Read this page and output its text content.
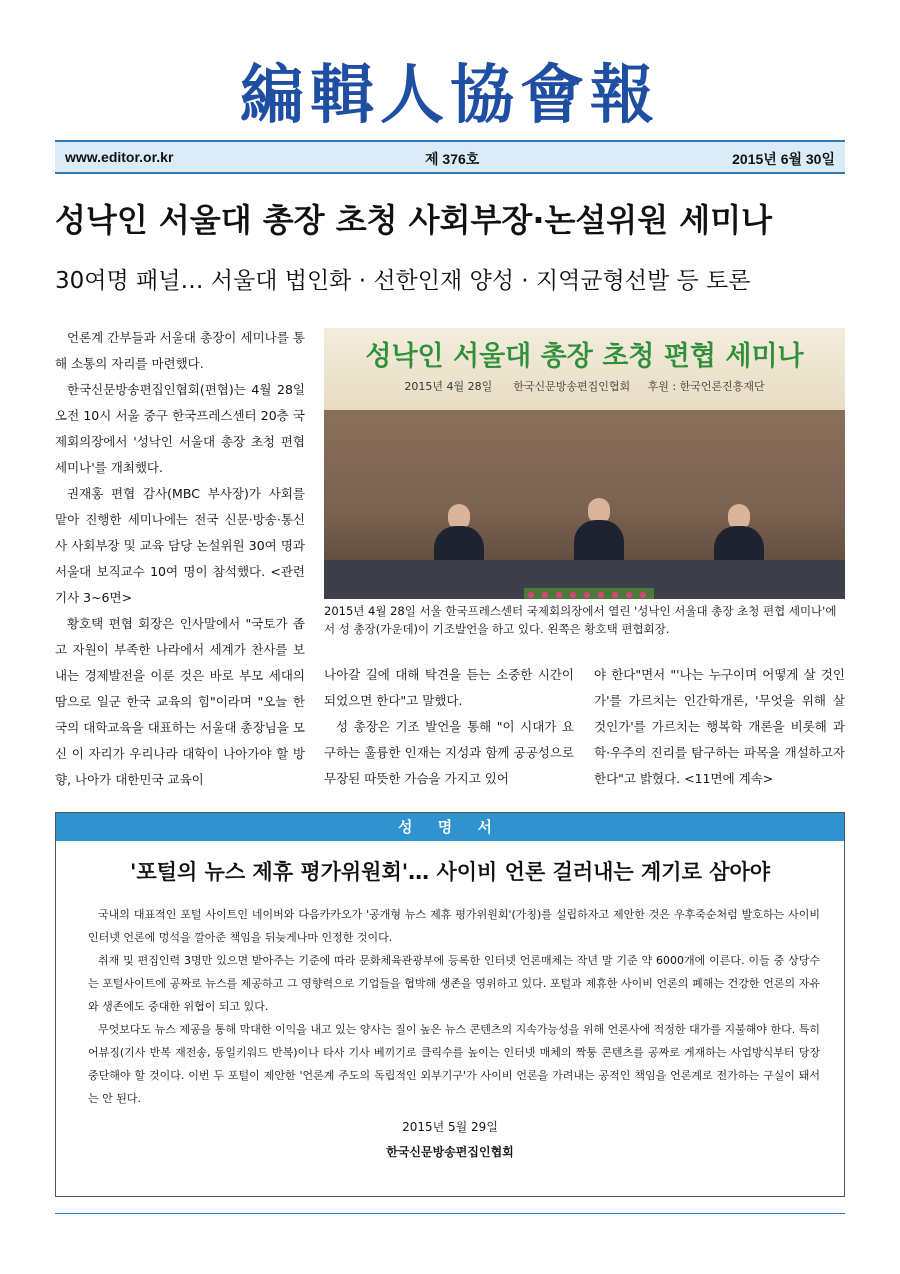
編輯人協會報
www.editor.or.kr	제 376호	2015년 6월 30일
성낙인 서울대 총장 초청 사회부장·논설위원 세미나
30여명 패널… 서울대 법인화 · 선한인재 양성 · 지역균형선발 등 토론

언론계 간부들과 서울대 총장이 세미나를 통해 소통의 자리를 마련했다.

한국신문방송편집인협회(편협)는 4월 28일 오전 10시 서울 중구 한국프레스센터 20층 국제회의장에서 '성낙인 서울대 총장 초청 편협 세미나'를 개최했다.

권재홍 편협 감사(MBC 부사장)가 사회를 맡아 진행한 세미나에는 전국 신문·방송·통신사 사회부장 및 교육 담당 논설위원 30여 명과 서울대 보직교수 10여 명이 참석했다. <관련기사 3~6면>

황호택 편협 회장은 인사말에서 "국토가 좁고 자원이 부족한 나라에서 세계가 찬사를 보내는 경제발전을 이룬 것은 바로 부모 세대의 땀으로 일군 한국 교육의 힘"이라며 "오늘 한국의 대학교육을 대표하는 서울대 총장님을 모신 이 자리가 우리나라 대학이 나아가야 할 방향, 나아가 대한민국 교육이

성낙인 서울대 총장 초청 편협 세미나
2015년 4월 28일 한국신문방송편집인협회 후원 : 한국언론진흥재단
2015년 4월 28일 서울 한국프레스센터 국제회의장에서 열린 '성낙인 서울대 총장 초청 편협 세미나'에서 성 총장(가운데)이 기조발언을 하고 있다. 왼쪽은 황호택 편협회장.

나아갈 길에 대해 탁견을 듣는 소중한 시간이 되었으면 한다"고 말했다.

성 총장은 기조 발언을 통해 "이 시대가 요구하는 훌륭한 인재는 지성과 함께 공공성으로 무장된 따뜻한 가슴을 가지고 있어

야 한다"면서 "'나는 누구이며 어떻게 살 것인가'를 가르치는 인간학개론, '무엇을 위해 살 것인가'를 가르치는 행복학 개론을 비롯해 과학·우주의 진리를 탐구하는 파목을 개설하고자 한다"고 밝혔다. <11면에 계속>

성 명 서
'포털의 뉴스 제휴 평가위원회'… 사이비 언론 걸러내는 계기로 삼아야

국내의 대표적인 포털 사이트인 네이버와 다음카카오가 '공개형 뉴스 제휴 평가위원회'(가칭)를 설립하자고 제안한 것은 우후죽순처럼 발호하는 사이비 인터넷 언론에 멍석을 깔아준 책임을 뒤늦게나마 인정한 것이다.

취재 및 편집인력 3명만 있으면 받아주는 기준에 따라 문화체육관광부에 등록한 인터넷 언론매체는 작년 말 기준 약 6000개에 이른다. 이들 중 상당수는 포털사이트에 공짜로 뉴스를 제공하고 그 영향력으로 기업들을 협박해 생존을 영위하고 있다. 포털과 제휴한 사이비 언론의 폐해는 건강한 언론의 자유와 생존에도 중대한 위협이 되고 있다.

무엇보다도 뉴스 제공을 통해 막대한 이익을 내고 있는 양사는 질이 높은 뉴스 콘텐츠의 지속가능성을 위해 언론사에 적정한 대가를 지불해야 한다. 특히 어뷰징(기사 반복 재전송, 동일키워드 반복)이나 타사 기사 베끼기로 클릭수를 높이는 인터넷 매체의 짝퉁 콘텐츠를 공짜로 게재하는 사업방식부터 당장 중단해야 할 것이다. 이번 두 포털이 제안한 '언론계 주도의 독립적인 외부기구'가 사이비 언론을 가려내는 공적인 책임을 언론계로 전가하는 구실이 돼서는 안 된다.

2015년 5월 29일
한국신문방송편집인협회
